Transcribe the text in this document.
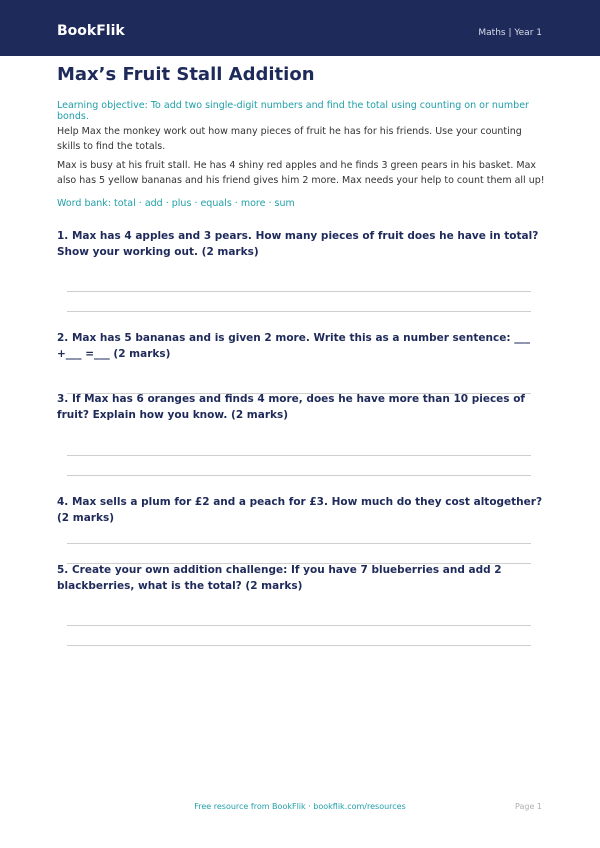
BookFlik	Maths | Year 1
Max’s Fruit Stall Addition
Learning objective: To add two single-digit numbers and find the total using counting on or number bonds.
Help Max the monkey work out how many pieces of fruit he has for his friends. Use your counting skills to find the totals.
Max is busy at his fruit stall. He has 4 shiny red apples and he finds 3 green pears in his basket. Max also has 5 yellow bananas and his friend gives him 2 more. Max needs your help to count them all up!
Word bank: total · add · plus · equals · more · sum
1. Max has 4 apples and 3 pears. How many pieces of fruit does he have in total? Show your working out. (2 marks)
2. Max has 5 bananas and is given 2 more. Write this as a number sentence: ___ +___ =___ (2 marks)
3. If Max has 6 oranges and finds 4 more, does he have more than 10 pieces of fruit? Explain how you know. (2 marks)
4. Max sells a plum for £2 and a peach for £3. How much do they cost altogether? (2 marks)
5. Create your own addition challenge: If you have 7 blueberries and add 2 blackberries, what is the total? (2 marks)
Free resource from BookFlik · bookflik.com/resources	Page 1
